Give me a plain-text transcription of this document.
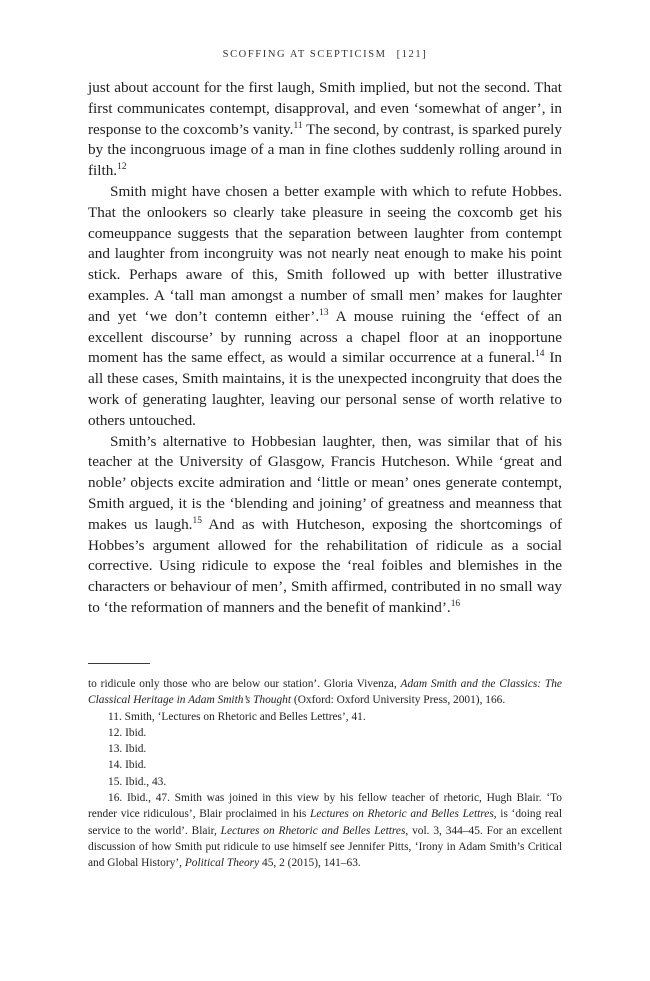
SCOFFING AT SCEPTICISM [121]

just about account for the first laugh, Smith implied, but not the second. That first communicates contempt, disapproval, and even ‘somewhat of anger’, in response to the coxcomb’s vanity.$^{11}$ The second, by contrast, is sparked purely by the incongruous image of a man in fine clothes suddenly rolling around in filth.$^{12}$

Smith might have chosen a better example with which to refute Hobbes. That the onlookers so clearly take pleasure in seeing the coxcomb get his comeuppance suggests that the separation between laughter from contempt and laughter from incongruity was not nearly neat enough to make his point stick. Perhaps aware of this, Smith followed up with better illustrative examples. A ‘tall man amongst a number of small men’ makes for laughter and yet ‘we don’t contemn either’.$^{13}$ A mouse ruining the ‘effect of an excellent discourse’ by running across a chapel floor at an inopportune moment has the same effect, as would a similar occurrence at a funeral.$^{14}$ In all these cases, Smith maintains, it is the unexpected incongruity that does the work of generating laughter, leaving our personal sense of worth relative to others untouched.

Smith’s alternative to Hobbesian laughter, then, was similar that of his teacher at the University of Glasgow, Francis Hutcheson. While ‘great and noble’ objects excite admiration and ‘little or mean’ ones generate contempt, Smith argued, it is the ‘blending and joining’ of greatness and meanness that makes us laugh.$^{15}$ And as with Hutcheson, exposing the shortcomings of Hobbes’s argument allowed for the rehabilitation of ridicule as a social corrective. Using ridicule to expose the ‘real foibles and blemishes in the characters or behaviour of men’, Smith affirmed, contributed in no small way to ‘the reformation of manners and the benefit of mankind’.$^{16}$

to ridicule only those who are below our station’. Gloria Vivenza, Adam Smith and the Classics: The Classical Heritage in Adam Smith’s Thought (Oxford: Oxford University Press, 2001), 166.

11. Smith, ‘Lectures on Rhetoric and Belles Lettres’, 41.

12. Ibid.

13. Ibid.

14. Ibid.

15. Ibid., 43.

16. Ibid., 47. Smith was joined in this view by his fellow teacher of rhetoric, Hugh Blair. ‘To render vice ridiculous’, Blair proclaimed in his Lectures on Rhetoric and Belles Lettres, is ‘doing real service to the world’. Blair, Lectures on Rhetoric and Belles Lettres, vol. 3, 344–45. For an excellent discussion of how Smith put ridicule to use himself see Jennifer Pitts, ‘Irony in Adam Smith’s Critical and Global History’, Political Theory 45, 2 (2015), 141–63.
